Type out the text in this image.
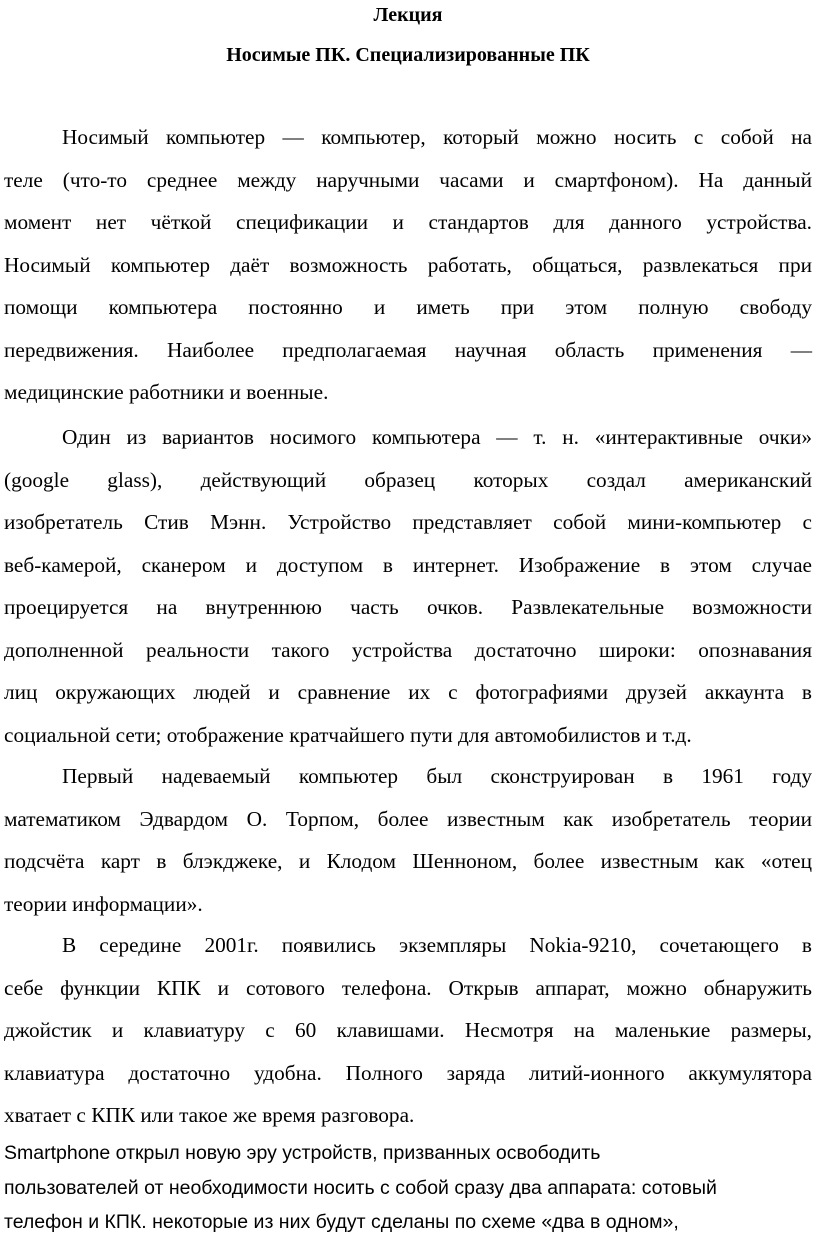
Лекция
Носимые ПК. Специализированные ПК

Носимый компьютер — компьютер, который можно носить с собой на
теле (что-то среднее между наручными часами и смартфоном). На данный
момент нет чёткой спецификации и стандартов для данного устройства.
Носимый компьютер даёт возможность работать, общаться, развлекаться при
помощи компьютера постоянно и иметь при этом полную свободу
передвижения. Наиболее предполагаемая научная область применения —
медицинские работники и военные.

Один из вариантов носимого компьютера — т. н. «интерактивные очки»
(google glass), действующий образец которых создал американский
изобретатель Стив Мэнн. Устройство представляет собой мини-компьютер с
веб-камерой, сканером и доступом в интернет. Изображение в этом случае
проецируется на внутреннюю часть очков. Развлекательные возможности
дополненной реальности такого устройства достаточно широки: опознавания
лиц окружающих людей и сравнение их с фотографиями друзей аккаунта в
социальной сети; отображение кратчайшего пути для автомобилистов и т.д.

Первый надеваемый компьютер был сконструирован в 1961 году
математиком Эдвардом О. Торпом, более известным как изобретатель теории
подсчёта карт в блэкджеке, и Клодом Шенноном, более известным как «отец
теории информации».

В середине 2001г. появились экземпляры Nokia-9210, сочетающего в
себе функции КПК и сотового телефона. Открыв аппарат, можно обнаружить
джойстик и клавиатуру с 60 клавишами. Несмотря на маленькие размеры,
клавиатура достаточно удобна. Полного заряда литий-ионного аккумулятора
хватает с КПК или такое же время разговора.

Smartphone открыл новую эру устройств, призванных освободить
пользователей от необходимости носить с собой сразу два аппарата: сотовый
телефон и КПК. некоторые из них будут сделаны по схеме «два в одном»,
